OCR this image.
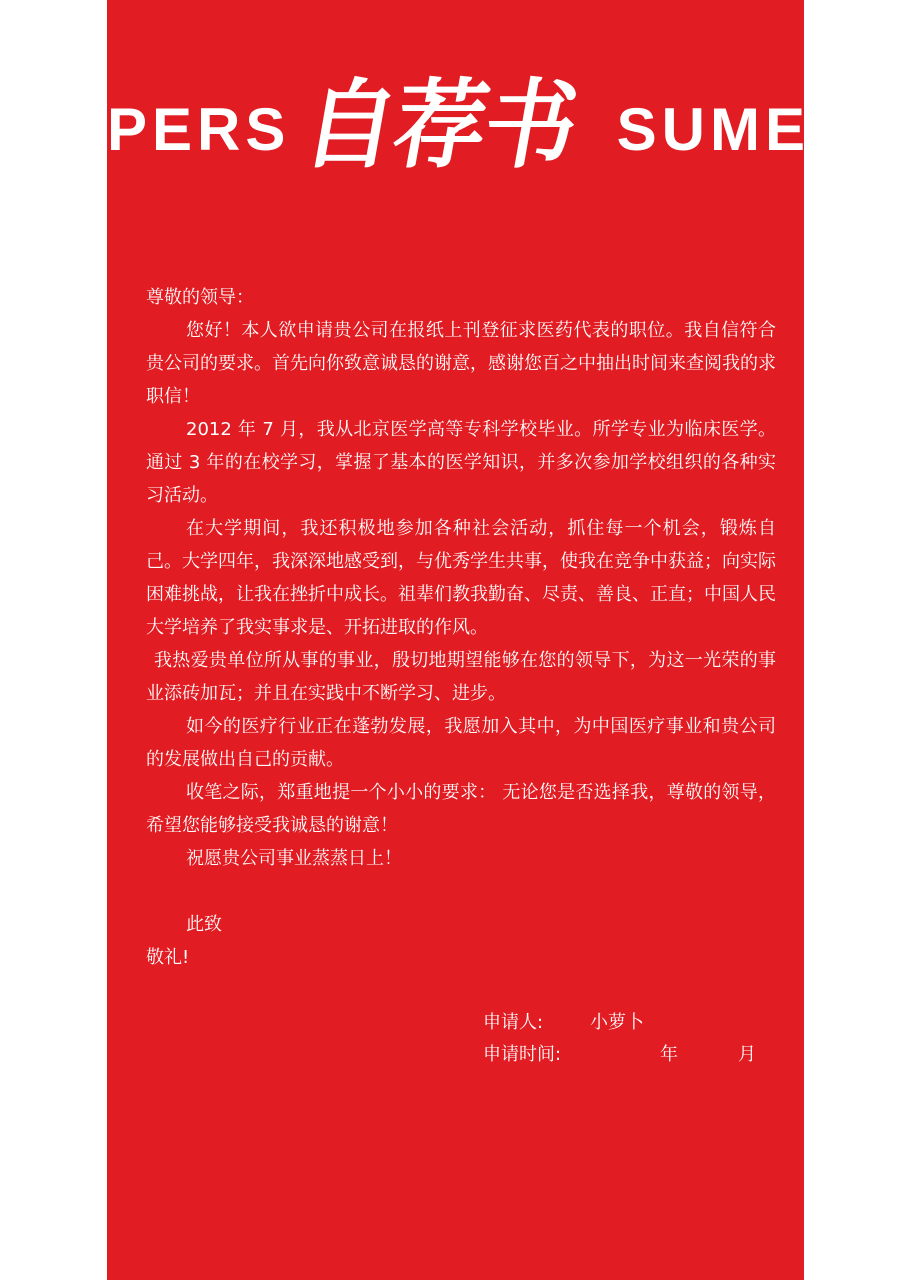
PERS 自荐书 SUME

尊敬的领导：

您好！本人欲申请贵公司在报纸上刊登征求医药代表的职位。我自信符合贵公司的要求。首先向你致意诚恳的谢意，感谢您百之中抽出时间来查阅我的求职信！

2012 年 7 月，我从北京医学高等专科学校毕业。所学专业为临床医学。通过 3 年的在校学习，掌握了基本的医学知识，并多次参加学校组织的各种实习活动。

在大学期间，我还积极地参加各种社会活动，抓住每一个机会，锻炼自己。大学四年，我深深地感受到，与优秀学生共事，使我在竞争中获益；向实际困难挑战，让我在挫折中成长。祖辈们教我勤奋、尽责、善良、正直；中国人民大学培养了我实事求是、开拓进取的作风。

我热爱贵单位所从事的事业，殷切地期望能够在您的领导下，为这一光荣的事业添砖加瓦；并且在实践中不断学习、进步。

如今的医疗行业正在蓬勃发展，我愿加入其中，为中国医疗事业和贵公司的发展做出自己的贡献。

收笔之际，郑重地提一个小小的要求： 无论您是否选择我，尊敬的领导，希望您能够接受我诚恳的谢意！

祝愿贵公司事业蒸蒸日上！

此致

敬礼!

申请人:	小萝卜
申请时间:	年	月
